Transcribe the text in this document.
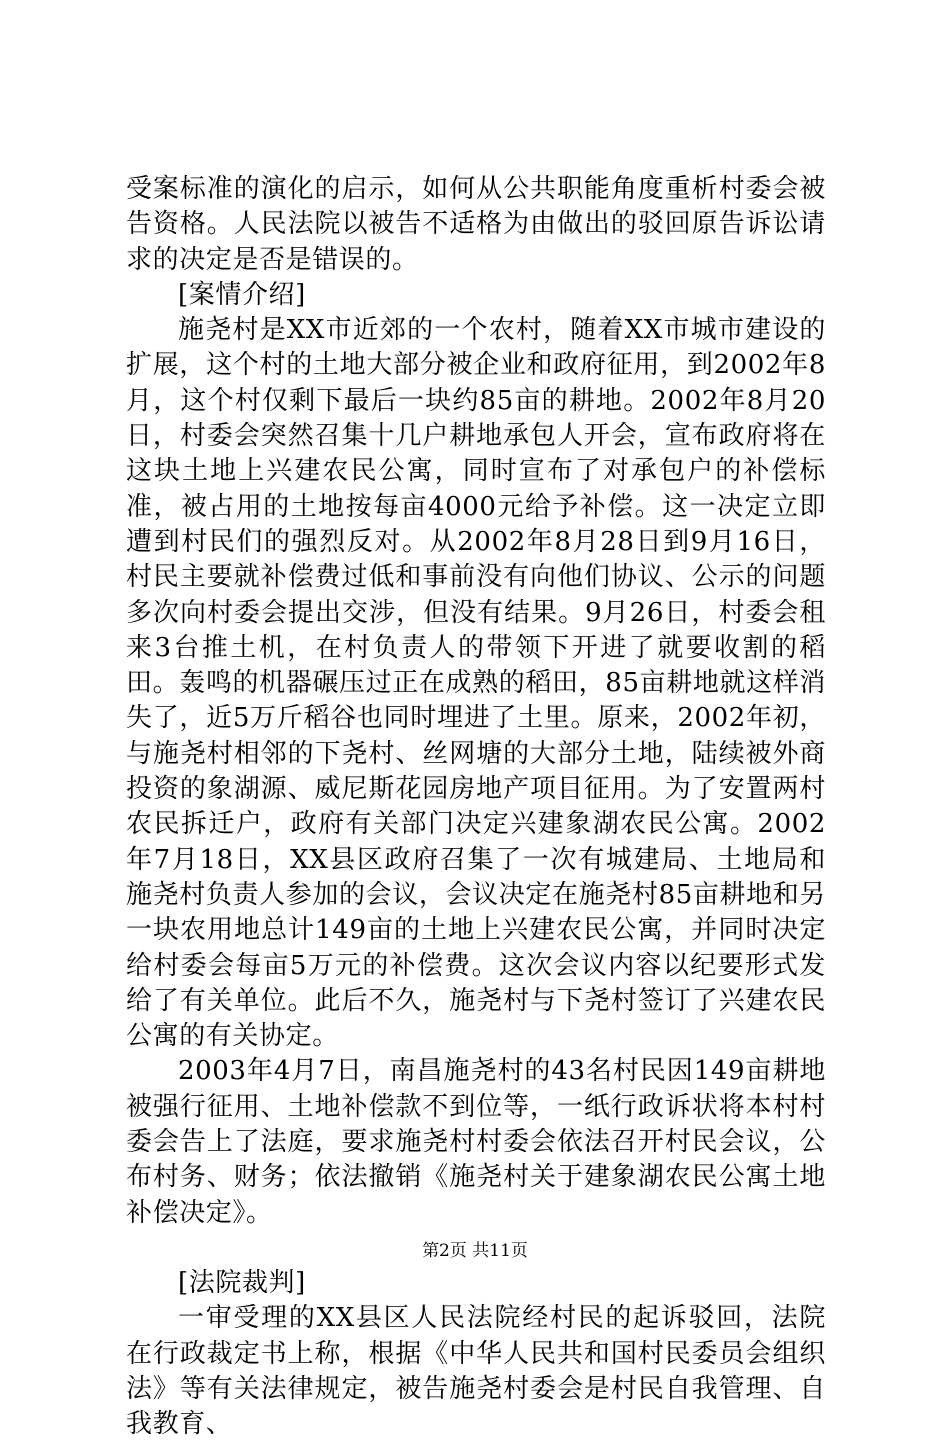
受案标准的演化的启示，如何从公共职能角度重析村委会被告资格。人民法院以被告不适格为由做出的驳回原告诉讼请求的决定是否是错误的。

[案情介绍]

施尧村是XX市近郊的一个农村，随着XX市城市建设的扩展，这个村的土地大部分被企业和政府征用，到2002年8月，这个村仅剩下最后一块约85亩的耕地。2002年8月20日，村委会突然召集十几户耕地承包人开会，宣布政府将在这块土地上兴建农民公寓，同时宣布了对承包户的补偿标准，被占用的土地按每亩4000元给予补偿。这一决定立即遭到村民们的强烈反对。从2002年8月28日到9月16日，村民主要就补偿费过低和事前没有向他们协议、公示的问题多次向村委会提出交涉，但没有结果。9月26日，村委会租来3台推土机，在村负责人的带领下开进了就要收割的稻田。轰鸣的机器碾压过正在成熟的稻田，85亩耕地就这样消失了，近5万斤稻谷也同时埋进了土里。原来，2002年初，与施尧村相邻的下尧村、丝网塘的大部分土地，陆续被外商投资的象湖源、威尼斯花园房地产项目征用。为了安置两村农民拆迁户，政府有关部门决定兴建象湖农民公寓。2002年7月18日，XX县区政府召集了一次有城建局、土地局和施尧村负责人参加的会议，会议决定在施尧村85亩耕地和另一块农用地总计149亩的土地上兴建农民公寓，并同时决定给村委会每亩5万元的补偿费。这次会议内容以纪要形式发给了有关单位。此后不久，施尧村与下尧村签订了兴建农民公寓的有关协定。

2003年4月7日，南昌施尧村的43名村民因149亩耕地被强行征用、土地补偿款不到位等，一纸行政诉状将本村村委会告上了法庭，要求施尧村村委会依法召开村民会议，公布村务、财务；依法撤销《施尧村关于建象湖农民公寓土地补偿决定》。

[法院裁判]

一审受理的XX县区人民法院经村民的起诉驳回，法院在行政裁定书上称，根据《中华人民共和国村民委员会组织法》等有关法律规定，被告施尧村委会是村民自我管理、自我教育、

第2页 共11页
